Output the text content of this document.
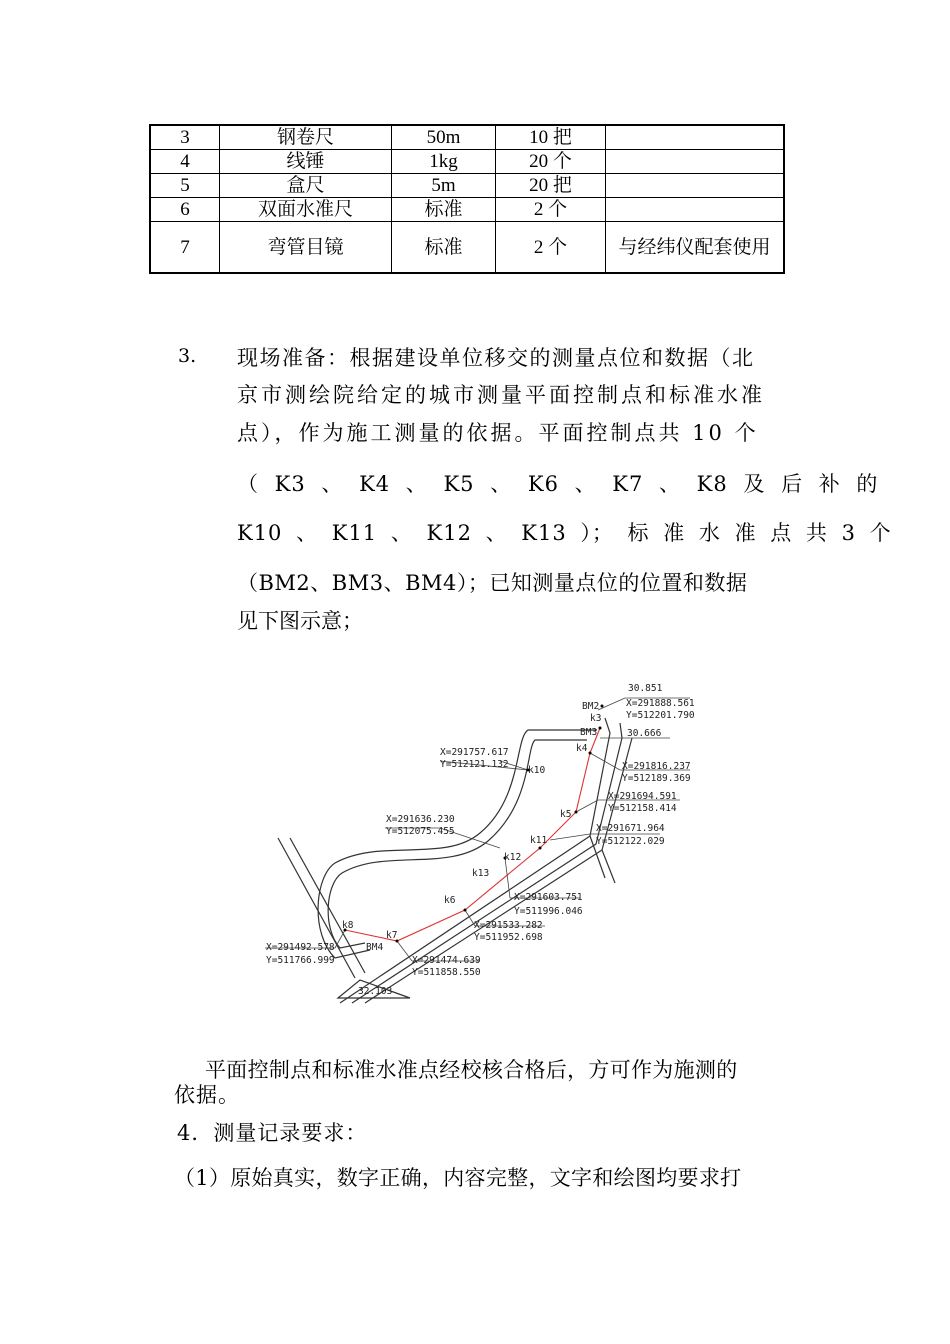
3	钢卷尺	50m	10 把	
4	线锤	1kg	20 个	
5	盒尺	5m	20 把	
6	双面水准尺	标准	2 个	
7	弯管目镜	标准	2 个	与经纬仪配套使用
3. 现场准备：根据建设单位移交的测量点位和数据（北
京市测绘院给定的城市测量平面控制点和标准水准
点），作为施工测量的依据。平面控制点共 10 个
（ K3 、 K4 、 K5 、 K6 、 K7 、 K8 及 后 补 的
K10 、 K11 、 K12 、 K13 ）； 标 准 水 准 点 共 3 个
（BM2、BM3、BM4）；已知测量点位的位置和数据
见下图示意；
30.851
BM2	X=291888.561
Y=512201.790
k3
BM3	30.666
k4
X=291757.617
Y=512121.132
k10	X=291816.237
Y=512189.369
X=291694.591
Y=512158.414
k5
X=291636.230
Y=512075.455	X=291671.964
Y=512122.029
k11
k12
k13
X=291603.751
Y=511996.046
k6
X=291533.282
Y=511952.698
k8
k7
BM4
X=291492.578
Y=511766.999	X=291474.639
Y=511858.550
32.103
平面控制点和标准水准点经校核合格后，方可作为施测的
依据。
4．测量记录要求：
（1）原始真实，数字正确，内容完整，文字和绘图均要求打
